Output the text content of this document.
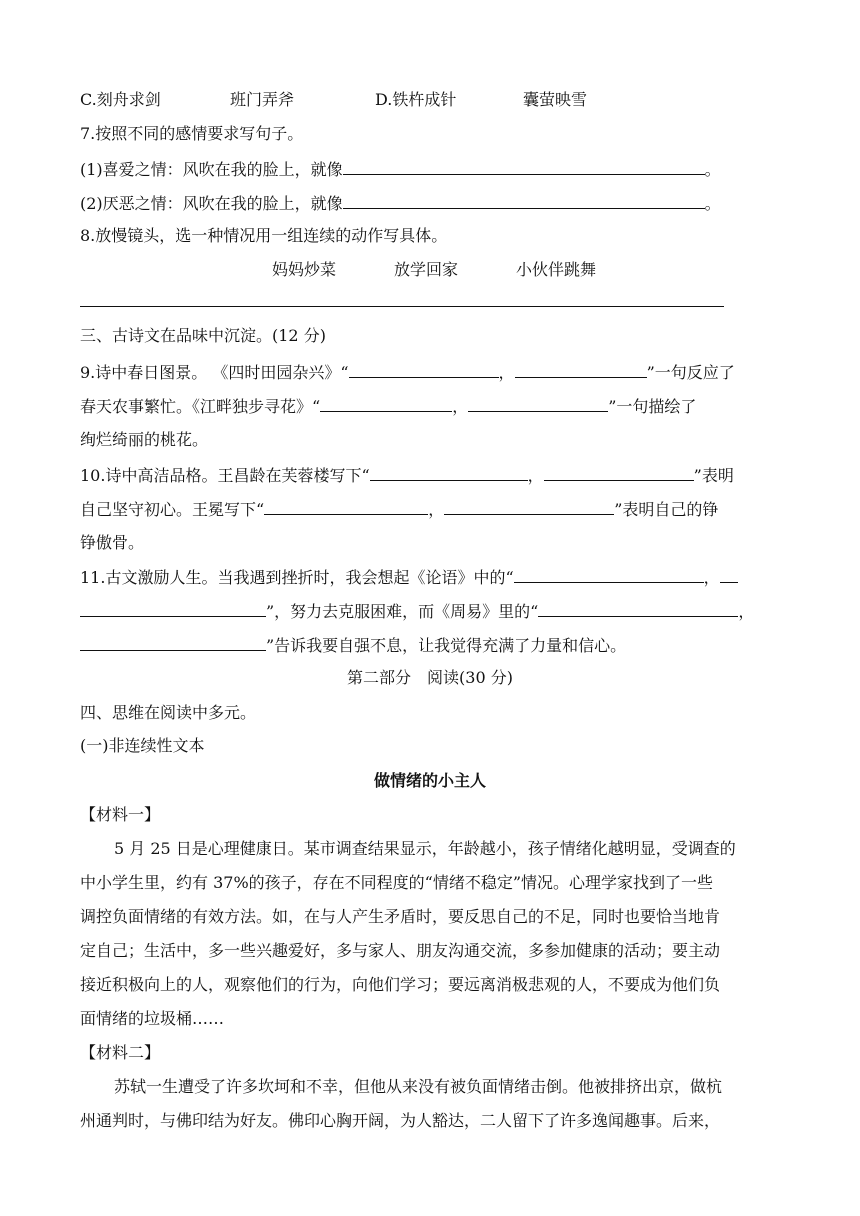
C.刻舟求剑	班门弄斧	D.铁杵成针	囊萤映雪
7.按照不同的感情要求写句子。
(1)喜爱之情：风吹在我的脸上，就像	。
(2)厌恶之情：风吹在我的脸上，就像	。
8.放慢镜头，选一种情况用一组连续的动作写具体。
妈妈炒菜	放学回家	小伙伴跳舞
三、古诗文在品味中沉淀。(12 分)
9.诗中春日图景。 《四时田园杂兴》“	，	”一句反应了
春天农事繁忙。《江畔独步寻花》“	，	”一句描绘了
绚烂绮丽的桃花。
10.诗中高洁品格。王昌龄在芙蓉楼写下“	，	”表明
自己坚守初心。王冕写下“	，	”表明自己的铮
铮傲骨。
11.古文激励人生。当我遇到挫折时，我会想起《论语》中的“	，
”，努力去克服困难，而《周易》里的“	，
”告诉我要自强不息，让我觉得充满了力量和信心。
第二部分　阅读(30 分)
四、思维在阅读中多元。
(一)非连续性文本
做情绪的小主人
【材料一】
5 月 25 日是心理健康日。某市调查结果显示，年龄越小，孩子情绪化越明显，受调查的
中小学生里，约有 37%的孩子，存在不同程度的“情绪不稳定”情况。心理学家找到了一些
调控负面情绪的有效方法。如，在与人产生矛盾时，要反思自己的不足，同时也要恰当地肯
定自己；生活中，多一些兴趣爱好，多与家人、朋友沟通交流，多参加健康的活动；要主动
接近积极向上的人，观察他们的行为，向他们学习；要远离消极悲观的人，不要成为他们负
面情绪的垃圾桶……
【材料二】
苏轼一生遭受了许多坎坷和不幸，但他从来没有被负面情绪击倒。他被排挤出京，做杭
州通判时，与佛印结为好友。佛印心胸开阔，为人豁达，二人留下了许多逸闻趣事。后来，
